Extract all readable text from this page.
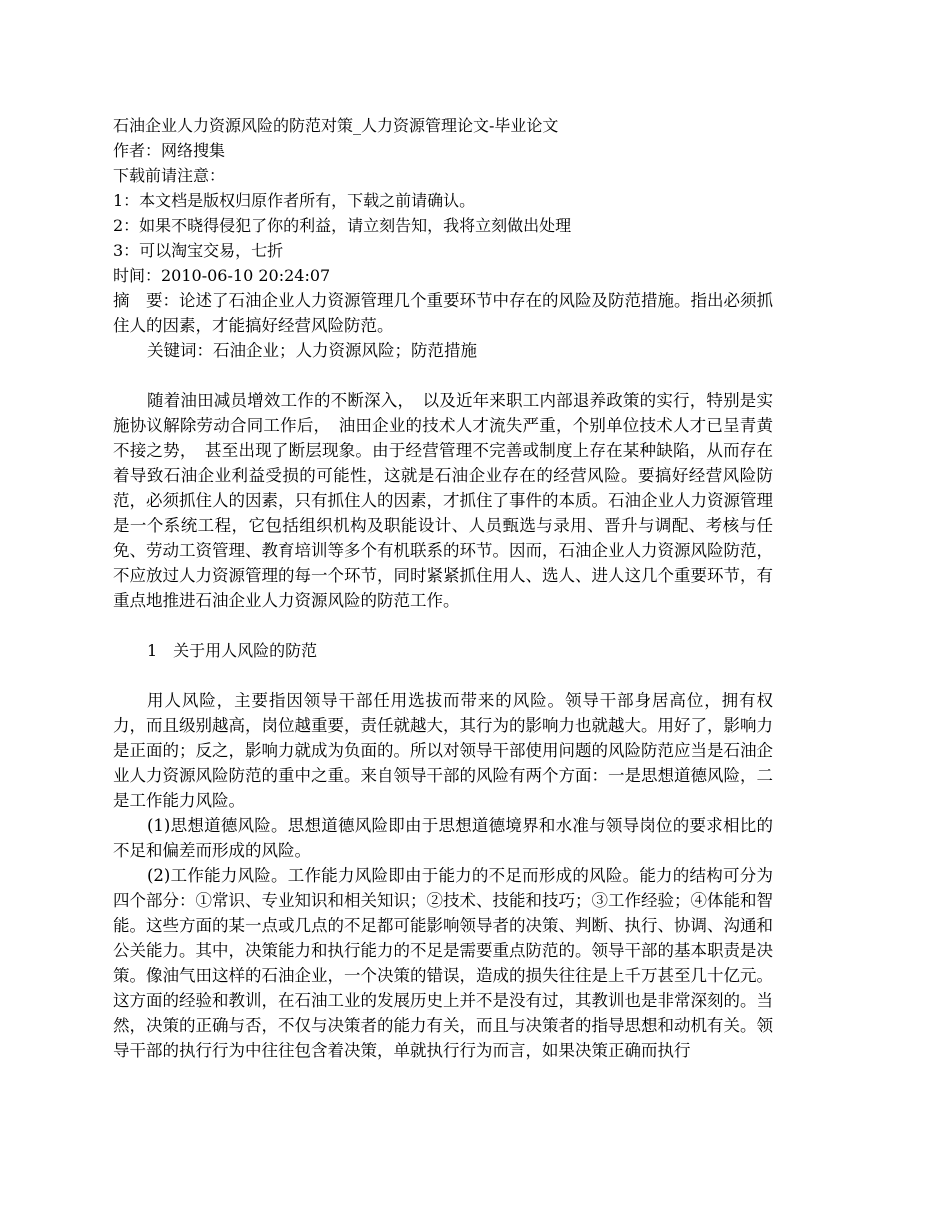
石油企业人力资源风险的防范对策_人力资源管理论文-毕业论文
作者：网络搜集
下载前请注意：
1：本文档是版权归原作者所有，下载之前请确认。
2：如果不晓得侵犯了你的利益，请立刻告知，我将立刻做出处理
3：可以淘宝交易，七折
时间：2010-06-10 20:24:07

摘　要：论述了石油企业人力资源管理几个重要环节中存在的风险及防范措施。指出必须抓住人的因素，才能搞好经营风险防范。

关键词：石油企业；人力资源风险；防范措施

随着油田减员增效工作的不断深入，　以及近年来职工内部退养政策的实行，特别是实施协议解除劳动合同工作后，　油田企业的技术人才流失严重，个别单位技术人才已呈青黄不接之势，　甚至出现了断层现象。由于经营管理不完善或制度上存在某种缺陷，从而存在着导致石油企业利益受损的可能性，这就是石油企业存在的经营风险。要搞好经营风险防范，必须抓住人的因素，只有抓住人的因素，才抓住了事件的本质。石油企业人力资源管理是一个系统工程，它包括组织机构及职能设计、人员甄选与录用、晋升与调配、考核与任免、劳动工资管理、教育培训等多个有机联系的环节。因而，石油企业人力资源风险防范，不应放过人力资源管理的每一个环节，同时紧紧抓住用人、选人、进人这几个重要环节，有重点地推进石油企业人力资源风险的防范工作。

1　关于用人风险的防范

用人风险，主要指因领导干部任用选拔而带来的风险。领导干部身居高位，拥有权力，而且级别越高，岗位越重要，责任就越大，其行为的影响力也就越大。用好了，影响力是正面的；反之，影响力就成为负面的。所以对领导干部使用问题的风险防范应当是石油企业人力资源风险防范的重中之重。来自领导干部的风险有两个方面：一是思想道德风险，二是工作能力风险。

(1)思想道德风险。思想道德风险即由于思想道德境界和水准与领导岗位的要求相比的不足和偏差而形成的风险。

(2)工作能力风险。工作能力风险即由于能力的不足而形成的风险。能力的结构可分为四个部分：①常识、专业知识和相关知识；②技术、技能和技巧；③工作经验；④体能和智能。这些方面的某一点或几点的不足都可能影响领导者的决策、判断、执行、协调、沟通和公关能力。其中，决策能力和执行能力的不足是需要重点防范的。领导干部的基本职责是决策。像油气田这样的石油企业，一个决策的错误，造成的损失往往是上千万甚至几十亿元。这方面的经验和教训，在石油工业的发展历史上并不是没有过，其教训也是非常深刻的。当然，决策的正确与否，不仅与决策者的能力有关，而且与决策者的指导思想和动机有关。领导干部的执行行为中往往包含着决策，单就执行行为而言，如果决策正确而执行
